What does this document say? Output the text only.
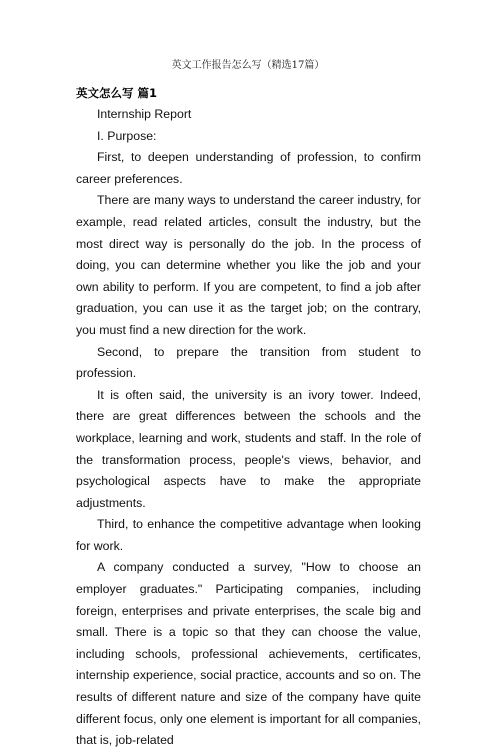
英文工作报告怎么写（精选17篇）
英文怎么写 篇1

Internship Report

I. Purpose:

First, to deepen understanding of profession, to confirm career preferences.

There are many ways to understand the career industry, for example, read related articles, consult the industry, but the most direct way is personally do the job. In the process of doing, you can determine whether you like the job and your own ability to perform. If you are competent, to find a job after graduation, you can use it as the target job; on the contrary, you must find a new direction for the work.

Second, to prepare the transition from student to profession.

It is often said, the university is an ivory tower. Indeed, there are great differences between the schools and the workplace, learning and work, students and staff. In the role of the transformation process, people's views, behavior, and psychological aspects have to make the appropriate adjustments.

Third, to enhance the competitive advantage when looking for work.

A company conducted a survey, "How to choose an employer graduates." Participating companies, including foreign, enterprises and private enterprises, the scale big and small. There is a topic so that they can choose the value, including schools, professional achievements, certificates, internship experience, social practice, accounts and so on. The results of different nature and size of the company have quite different focus, only one element is important for all companies, that is, job-related
